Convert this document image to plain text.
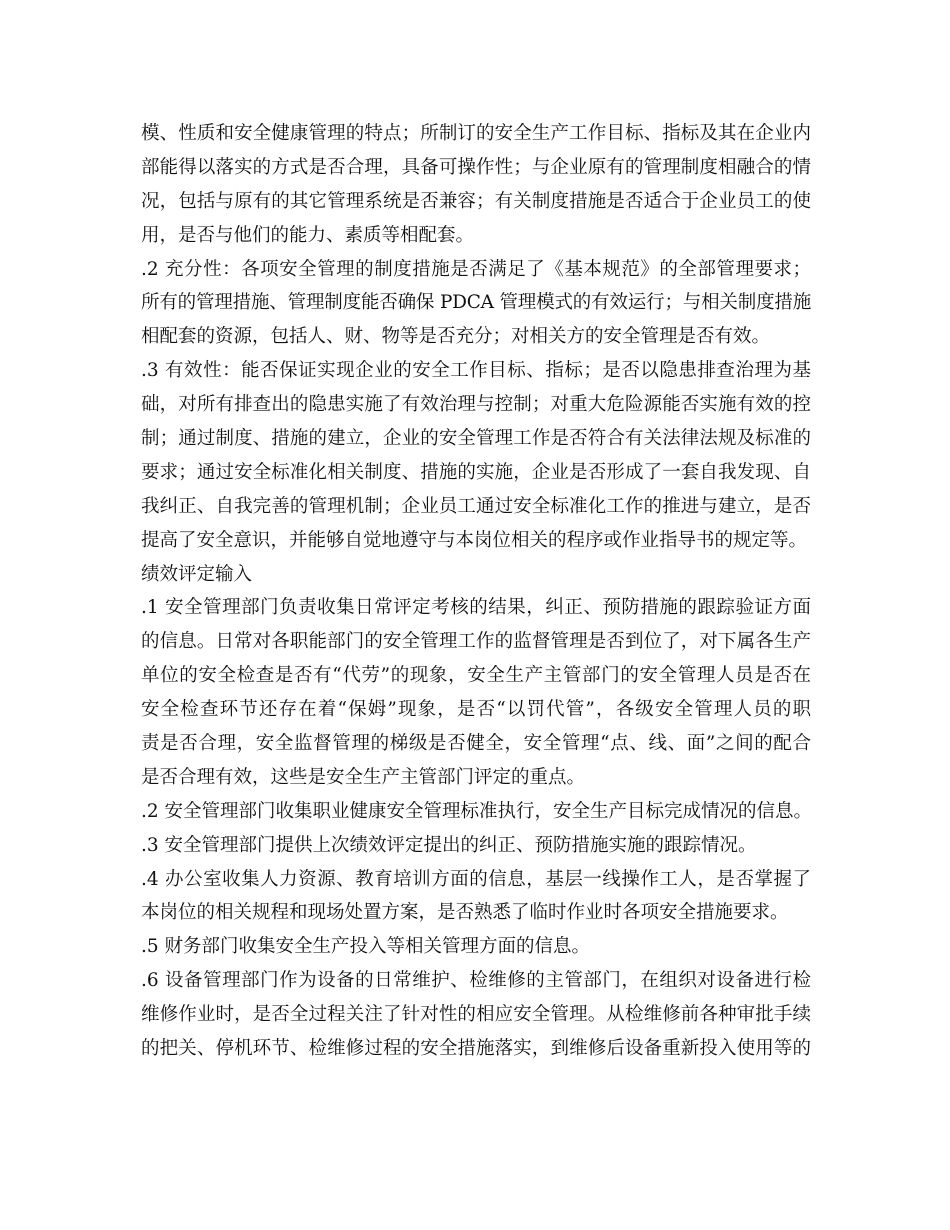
模、性质和安全健康管理的特点；所制订的安全生产工作目标、指标及其在企业内
部能得以落实的方式是否合理，具备可操作性；与企业原有的管理制度相融合的情
况，包括与原有的其它管理系统是否兼容；有关制度措施是否适合于企业员工的使
用，是否与他们的能力、素质等相配套。
.2 充分性：各项安全管理的制度措施是否满足了《基本规范》的全部管理要求；
所有的管理措施、管理制度能否确保 PDCA 管理模式的有效运行；与相关制度措施
相配套的资源，包括人、财、物等是否充分；对相关方的安全管理是否有效。
.3 有效性：能否保证实现企业的安全工作目标、指标；是否以隐患排查治理为基
础，对所有排查出的隐患实施了有效治理与控制；对重大危险源能否实施有效的控
制；通过制度、措施的建立，企业的安全管理工作是否符合有关法律法规及标准的
要求；通过安全标准化相关制度、措施的实施，企业是否形成了一套自我发现、自
我纠正、自我完善的管理机制；企业员工通过安全标准化工作的推进与建立，是否
提高了安全意识，并能够自觉地遵守与本岗位相关的程序或作业指导书的规定等。
绩效评定输入
.1 安全管理部门负责收集日常评定考核的结果，纠正、预防措施的跟踪验证方面
的信息。日常对各职能部门的安全管理工作的监督管理是否到位了，对下属各生产
单位的安全检查是否有“代劳”的现象，安全生产主管部门的安全管理人员是否在
安全检查环节还存在着“保姆”现象，是否“以罚代管”，各级安全管理人员的职
责是否合理，安全监督管理的梯级是否健全，安全管理“点、线、面”之间的配合
是否合理有效，这些是安全生产主管部门评定的重点。
.2 安全管理部门收集职业健康安全管理标准执行，安全生产目标完成情况的信息。
.3 安全管理部门提供上次绩效评定提出的纠正、预防措施实施的跟踪情况。
.4 办公室收集人力资源、教育培训方面的信息，基层一线操作工人，是否掌握了
本岗位的相关规程和现场处置方案，是否熟悉了临时作业时各项安全措施要求。
.5 财务部门收集安全生产投入等相关管理方面的信息。
.6 设备管理部门作为设备的日常维护、检维修的主管部门，在组织对设备进行检
维修作业时，是否全过程关注了针对性的相应安全管理。从检维修前各种审批手续
的把关、停机环节、检维修过程的安全措施落实，到维修后设备重新投入使用等的
